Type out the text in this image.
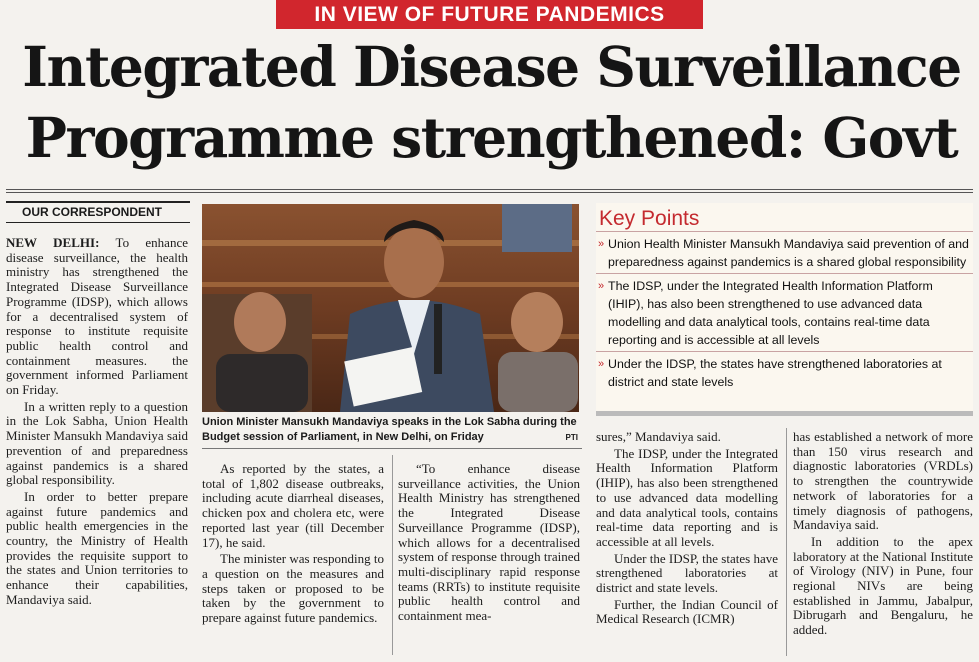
IN VIEW OF FUTURE PANDEMICS
Integrated Disease Surveillance
Programme strengthened: Govt
OUR CORRESPONDENT

NEW DELHI: To enhance disease surveillance, the health ministry has strengthened the Integrated Disease Surveillance Programme (IDSP), which allows for a decentralised system of response to institute requisite public health control and containment measures. the government informed Parliament on Friday.

In a written reply to a question in the Lok Sabha, Union Health Minister Mansukh Mandaviya said prevention of and preparedness against pandemics is a shared global responsibility.

In order to better prepare against future pandemics and public health emergencies in the country, the Ministry of Health provides the requisite support to the states and Union territories to enhance their capabilities, Mandaviya said.

Union Minister Mansukh Mandaviya speaks in the Lok Sabha during the Budget session of Parliament, in New Delhi, on Friday	PTI

As reported by the states, a total of 1,802 disease outbreaks, including acute diarrheal diseases, chicken pox and cholera etc, were reported last year (till December 17), he said.

The minister was responding to a question on the measures and steps taken or proposed to be taken by the government to prepare against future pandemics.

“To enhance disease surveillance activities, the Union Health Ministry has strengthened the Integrated Disease Surveillance Programme (IDSP), which allows for a decentralised system of response through trained multi-disciplinary rapid response teams (RRTs) to institute requisite public health control and containment mea-

Key Points
» Union Health Minister Mansukh Mandaviya said prevention of and preparedness against pandemics is a shared global responsibility
» The IDSP, under the Integrated Health Information Platform (IHIP), has also been strengthened to use advanced data modelling and data analytical tools, contains real-time data reporting and is accessible at all levels
» Under the IDSP, the states have strengthened laboratories at district and state levels

sures,” Mandaviya said.

The IDSP, under the Integrated Health Information Platform (IHIP), has also been strengthened to use advanced data modelling and data analytical tools, contains real-time data reporting and is accessible at all levels.

Under the IDSP, the states have strengthened laboratories at district and state levels.

Further, the Indian Council of Medical Research (ICMR)

has established a network of more than 150 virus research and diagnostic laboratories (VRDLs) to strengthen the countrywide network of laboratories for a timely diagnosis of pathogens, Mandaviya said.

In addition to the apex laboratory at the National Institute of Virology (NIV) in Pune, four regional NIVs are being established in Jammu, Jabalpur, Dibrugarh and Bengaluru, he added.
